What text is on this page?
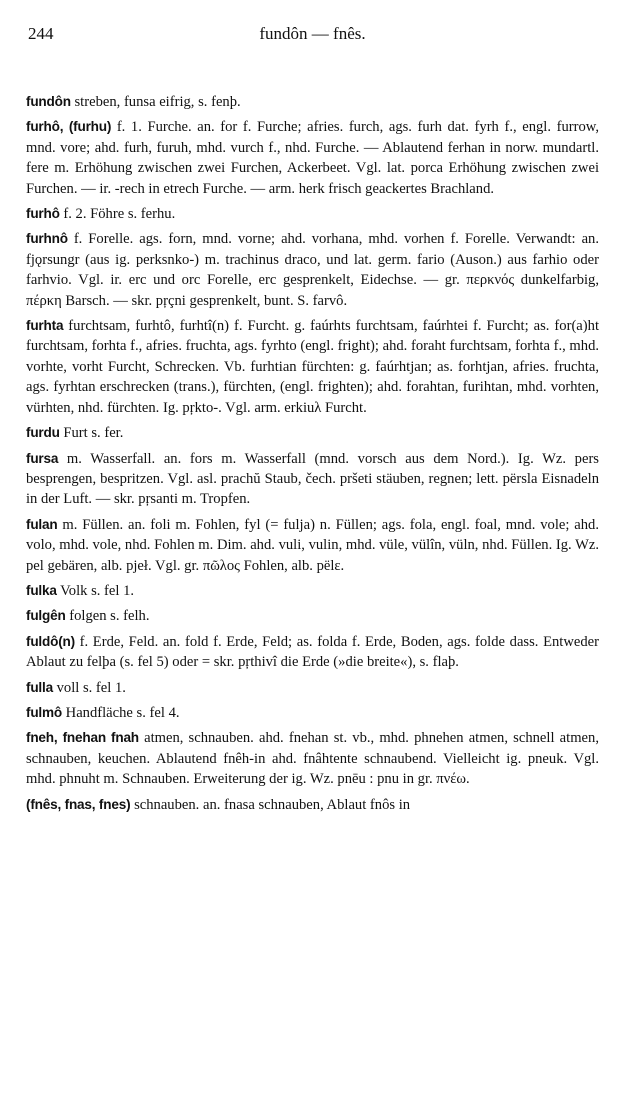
244	fundôn — fnês.

fundôn streben, funsa eifrig, s. fenþ.

furhô, (furhu) f. 1. Furche. an. for f. Furche; afries. furch, ags. furh dat. fyrh f., engl. furrow, mnd. vore; ahd. furh, furuh, mhd. vurch f., nhd. Furche. — Ablautend ferhan in norw. mundartl. fere m. Erhöhung zwischen zwei Furchen, Ackerbeet. Vgl. lat. porca Erhöhung zwischen zwei Furchen. — ir. -rech in etrech Furche. — arm. herk frisch geackertes Brachland.

furhô f. 2. Föhre s. ferhu.

furhnô f. Forelle. ags. forn, mnd. vorne; ahd. vorhana, mhd. vorhen f. Forelle. Verwandt: an. fjǫrsungr (aus ig. perksnko-) m. trachinus draco, und lat. germ. fario (Auson.) aus farhio oder farhvio. Vgl. ir. erc und orc Forelle, erc gesprenkelt, Eidechse. — gr. περκνός dunkelfarbig, πέρκη Barsch. — skr. pŗçni gesprenkelt, bunt. S. farvô.

furhta furchtsam, furhtô, furhtî(n) f. Furcht. g. faúrhts furchtsam, faúrhtei f. Furcht; as. for(a)ht furchtsam, forhta f., afries. fruchta, ags. fyrhto (engl. fright); ahd. foraht furchtsam, forhta f., mhd. vorhte, vorht Furcht, Schrecken. Vb. furhtian fürchten: g. faúrhtjan; as. forhtjan, afries. fruchta, ags. fyrhtan erschrecken (trans.), fürchten, (engl. frighten); ahd. forahtan, furihtan, mhd. vorhten, vürhten, nhd. fürchten. Ig. pŗkto-. Vgl. arm. erkiuλ Furcht.

furdu Furt s. fer.

fursa m. Wasserfall. an. fors m. Wasserfall (mnd. vorsch aus dem Nord.). Ig. Wz. pers besprengen, bespritzen. Vgl. asl. prachŭ Staub, čech. pršeti stäuben, regnen; lett. përsla Eisnadeln in der Luft. — skr. pŗsanti m. Tropfen.

fulan m. Füllen. an. foli m. Fohlen, fyl (= fulja) n. Füllen; ags. fola, engl. foal, mnd. vole; ahd. volo, mhd. vole, nhd. Fohlen m. Dim. ahd. vuli, vulin, mhd. vüle, vülîn, vüln, nhd. Füllen. Ig. Wz. pel gebären, alb. pjeł. Vgl. gr. πῶλος Fohlen, alb. pëlε.

fulka Volk s. fel 1.

fulgên folgen s. felh.

fuldô(n) f. Erde, Feld. an. fold f. Erde, Feld; as. folda f. Erde, Boden, ags. folde dass. Entweder Ablaut zu felþa (s. fel 5) oder = skr. pŗthivî die Erde (»die breite«), s. flaþ.

fulla voll s. fel 1.

fulmô Handfläche s. fel 4.

fneh, fnehan fnah atmen, schnauben. ahd. fnehan st. vb., mhd. phnehen atmen, schnell atmen, schnauben, keuchen. Ablautend fnêh-in ahd. fnâhtente schnaubend. Vielleicht ig. pneuk. Vgl. mhd. phnuht m. Schnauben. Erweiterung der ig. Wz. pnēu : pnu in gr. πνέω.

(fnês, fnas, fnes) schnauben. an. fnasa schnauben, Ablaut fnôs in
